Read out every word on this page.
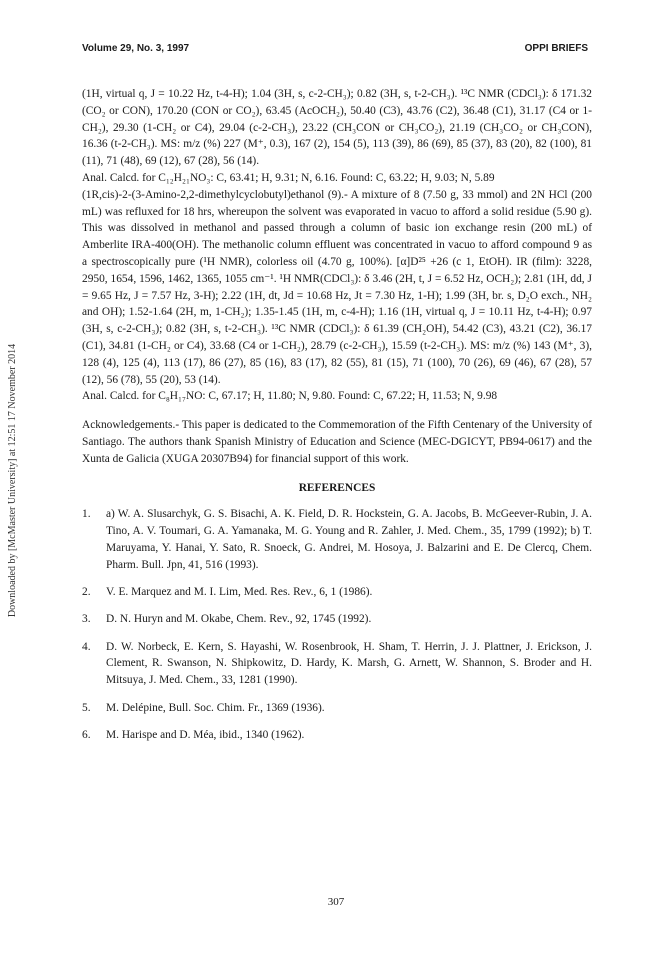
Volume 29, No. 3, 1997	OPPI BRIEFS
Downloaded by [McMaster University] at 12:51 17 November 2014

(1H, virtual q, J = 10.22 Hz, t-4-H); 1.04 (3H, s, c-2-CH₃); 0.82 (3H, s, t-2-CH₃). ¹³C NMR (CDCl₃): δ 171.32 (CO₂ or CON), 170.20 (CON or CO₂), 63.45 (AcOCH₂), 50.40 (C3), 43.76 (C2), 36.48 (C1), 31.17 (C4 or 1-CH₂), 29.30 (1-CH₂ or C4), 29.04 (c-2-CH₃), 23.22 (CH₃CON or CH₃CO₂), 21.19 (CH₃CO₂ or CH₃CON), 16.36 (t-2-CH₃). MS: m/z (%) 227 (M⁺, 0.3), 167 (2), 154 (5), 113 (39), 86 (69), 85 (37), 83 (20), 82 (100), 81 (11), 71 (48), 69 (12), 67 (28), 56 (14).

Anal. Calcd. for C₁₂H₂₁NO₃: C, 63.41; H, 9.31; N, 6.16. Found: C, 63.22; H, 9.03; N, 5.89

(1R,cis)-2-(3-Amino-2,2-dimethylcyclobutyl)ethanol (9).- A mixture of 8 (7.50 g, 33 mmol) and 2N HCl (200 mL) was refluxed for 18 hrs, whereupon the solvent was evaporated in vacuo to afford a solid residue (5.90 g). This was dissolved in methanol and passed through a column of basic ion exchange resin (200 mL) of Amberlite IRA-400(OH). The methanolic column effluent was concentrated in vacuo to afford compound 9 as a spectroscopically pure (¹H NMR), colorless oil (4.70 g, 100%). [α]D²⁵ +26 (c 1, EtOH). IR (film): 3228, 2950, 1654, 1596, 1462, 1365, 1055 cm⁻¹. ¹H NMR(CDCl₃): δ 3.46 (2H, t, J = 6.52 Hz, OCH₂); 2.81 (1H, dd, J = 9.65 Hz, J = 7.57 Hz, 3-H); 2.22 (1H, dt, Jd = 10.68 Hz, Jt = 7.30 Hz, 1-H); 1.99 (3H, br. s, D₂O exch., NH₂ and OH); 1.52-1.64 (2H, m, 1-CH₂); 1.35-1.45 (1H, m, c-4-H); 1.16 (1H, virtual q, J = 10.11 Hz, t-4-H); 0.97 (3H, s, c-2-CH₃); 0.82 (3H, s, t-2-CH₃). ¹³C NMR (CDCl₃): δ 61.39 (CH₂OH), 54.42 (C3), 43.21 (C2), 36.17 (C1), 34.81 (1-CH₂ or C4), 33.68 (C4 or 1-CH₂), 28.79 (c-2-CH₃), 15.59 (t-2-CH₃). MS: m/z (%) 143 (M⁺, 3), 128 (4), 125 (4), 113 (17), 86 (27), 85 (16), 83 (17), 82 (55), 81 (15), 71 (100), 70 (26), 69 (46), 67 (28), 57 (12), 56 (78), 55 (20), 53 (14).

Anal. Calcd. for C₈H₁₇NO: C, 67.17; H, 11.80; N, 9.80. Found: C, 67.22; H, 11.53; N, 9.98

Acknowledgements.- This paper is dedicated to the Commemoration of the Fifth Centenary of the University of Santiago. The authors thank Spanish Ministry of Education and Science (MEC-DGICYT, PB94-0617) and the Xunta de Galicia (XUGA 20307B94) for financial support of this work.

REFERENCES
1. a) W. A. Slusarchyk, G. S. Bisachi, A. K. Field, D. R. Hockstein, G. A. Jacobs, B. McGeever-Rubin, J. A. Tino, A. V. Toumari, G. A. Yamanaka, M. G. Young and R. Zahler, J. Med. Chem., 35, 1799 (1992); b) T. Maruyama, Y. Hanai, Y. Sato, R. Snoeck, G. Andrei, M. Hosoya, J. Balzarini and E. De Clercq, Chem. Pharm. Bull. Jpn, 41, 516 (1993).
2. V. E. Marquez and M. I. Lim, Med. Res. Rev., 6, 1 (1986).
3. D. N. Huryn and M. Okabe, Chem. Rev., 92, 1745 (1992).
4. D. W. Norbeck, E. Kern, S. Hayashi, W. Rosenbrook, H. Sham, T. Herrin, J. J. Plattner, J. Erickson, J. Clement, R. Swanson, N. Shipkowitz, D. Hardy, K. Marsh, G. Arnett, W. Shannon, S. Broder and H. Mitsuya, J. Med. Chem., 33, 1281 (1990).
5. M. Delépine, Bull. Soc. Chim. Fr., 1369 (1936).
6. M. Harispe and D. Méa, ibid., 1340 (1962).
307
